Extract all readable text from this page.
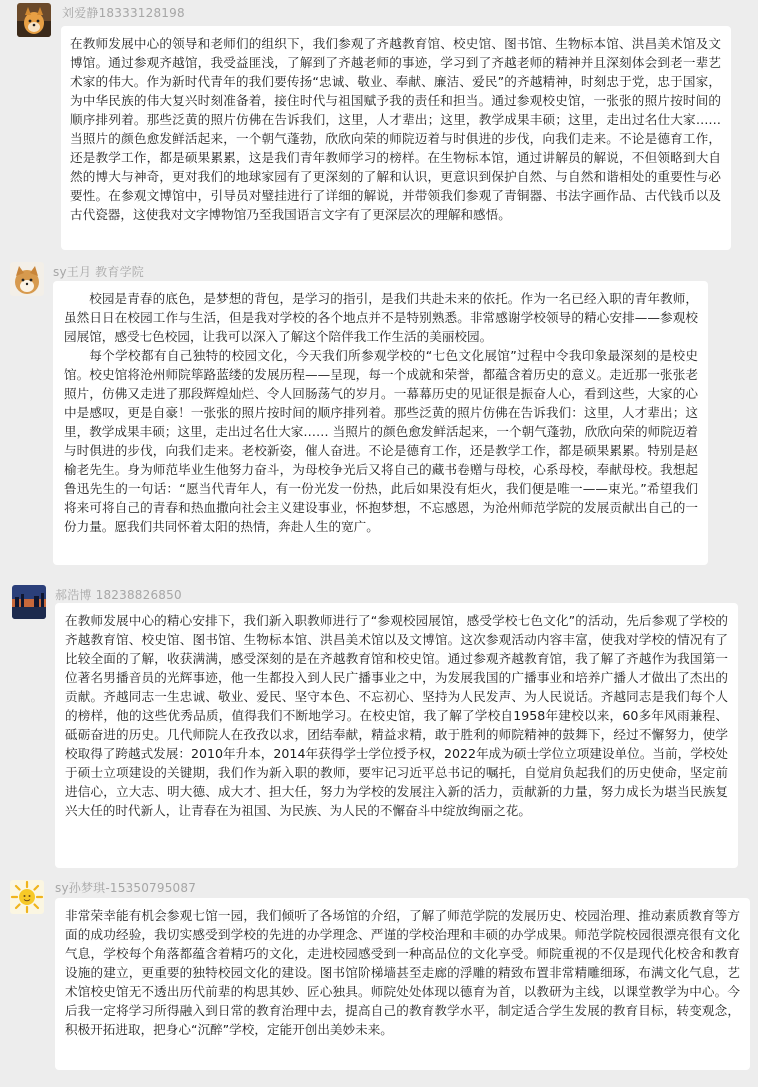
刘爱静18333128198

在教师发展中心的领导和老师们的组织下，我们参观了齐越教育馆、校史馆、图书馆、生物标本馆、洪昌美术馆及文博馆。通过参观齐越馆，我受益匪浅，了解到了齐越老师的事迹，学习到了齐越老师的精神并且深刻体会到老一辈艺术家的伟大。作为新时代青年的我们要传扬“忠诚、敬业、奉献、廉洁、爱民”的齐越精神，时刻忠于党，忠于国家，为中华民族的伟大复兴时刻准备着，接住时代与祖国赋予我的责任和担当。通过参观校史馆，一张张的照片按时间的顺序排列着。那些泛黄的照片仿佛在告诉我们，这里，人才辈出；这里，教学成果丰硕；这里，走出过名仕大家…… 当照片的颜色愈发鲜活起来，一个朝气蓬勃，欣欣向荣的师院迈着与时俱进的步伐，向我们走来。不论是德育工作，还是教学工作，都是硕果累累，这是我们青年教师学习的榜样。在生物标本馆，通过讲解员的解说，不但领略到大自然的博大与神奇，更对我们的地球家园有了更深刻的了解和认识，更意识到保护自然、与自然和谐相处的重要性与必要性。在参观文博馆中，引导员对璧挂进行了详细的解说，并带领我们参观了青铜器、书法字画作品、古代钱币以及古代瓷器，这使我对文字博物馆乃至我国语言文字有了更深层次的理解和感悟。

sy王月 教育学院

校园是青春的底色，是梦想的背包，是学习的指引，是我们共赴未来的依托。作为一名已经入职的青年教师，虽然日日在校园工作与生活，但是我对学校的各个地点并不是特别熟悉。非常感谢学校领导的精心安排——参观校园展馆，感受七色校园，让我可以深入了解这个陪伴我工作生活的美丽校园。

每个学校都有自己独特的校园文化，今天我们所参观学校的“七色文化展馆”过程中令我印象最深刻的是校史馆。校史馆将沧州师院筚路蓝缕的发展历程——呈现，每一个成就和荣誉，都蕴含着历史的意义。走近那一张张老照片，仿佛又走进了那段辉煌灿烂、令人回肠荡气的岁月。一幕幕历史的见证很是振奋人心，看到这些，大家的心中是感叹，更是自豪！一张张的照片按时间的顺序排列着。那些泛黄的照片仿佛在告诉我们：这里，人才辈出；这里，教学成果丰硕；这里，走出过名仕大家…… 当照片的颜色愈发鲜活起来，一个朝气蓬勃，欣欣向荣的师院迈着与时俱进的步伐，向我们走来。老校新姿，催人奋进。不论是德育工作，还是教学工作，都是硕果累累。特别是赵榆老先生。身为师范毕业生他努力奋斗，为母校争光后又将自己的藏书卷赠与母校，心系母校，奉献母校。我想起鲁迅先生的一句话：“愿当代青年人，有一份光发一份热，此后如果没有炬火，我们便是唯一——束光。”希望我们将来可将自己的青春和热血撒向社会主义建设事业，怀抱梦想，不忘感恩，为沧州师范学院的发展贡献出自己的一份力量。愿我们共同怀着太阳的热情，奔赴人生的宽广。

郝浩博 18238826850

在教师发展中心的精心安排下，我们新入职教师进行了“参观校园展馆，感受学校七色文化”的活动，先后参观了学校的齐越教育馆、校史馆、图书馆、生物标本馆、洪昌美术馆以及文博馆。这次参观活动内容丰富，使我对学校的情况有了比较全面的了解，收获满满，感受深刻的是在齐越教育馆和校史馆。通过参观齐越教育馆，我了解了齐越作为我国第一位著名男播音员的光辉事迹，他一生都投入到人民广播事业之中，为发展我国的广播事业和培养广播人才做出了杰出的贡献。齐越同志一生忠诚、敬业、爱民、坚守本色、不忘初心、坚持为人民发声、为人民说话。齐越同志是我们每个人的榜样，他的这些优秀品质，值得我们不断地学习。在校史馆，我了解了学校自1958年建校以来，60多年风雨兼程、砥砺奋进的历史。几代师院人在孜孜以求，团结奉献，精益求精，敢于胜利的师院精神的鼓舞下，经过不懈努力，使学校取得了跨越式发展：2010年升本，2014年获得学士学位授予权，2022年成为硕士学位立项建设单位。当前，学校处于硕士立项建设的关键期，我们作为新入职的教师，要牢记习近平总书记的嘱托，自觉肩负起我们的历史使命，坚定前进信心，立大志、明大德、成大才、担大任，努力为学校的发展注入新的活力，贡献新的力量，努力成长为堪当民族复兴大任的时代新人，让青春在为祖国、为民族、为人民的不懈奋斗中绽放绚丽之花。

sy孙梦琪-15350795087

非常荣幸能有机会参观七馆一园，我们倾听了各场馆的介绍，了解了师范学院的发展历史、校园治理、推动素质教育等方面的成功经验，我切实感受到学校的先进的办学理念、严谨的学校治理和丰硕的办学成果。师范学院校园很漂亮很有文化气息，学校每个角落都蕴含着精巧的文化，走进校园感受到一种高品位的文化享受。师院重视的不仅是现代化校舍和教育设施的建立，更重要的独特校园文化的建设。图书馆阶梯墙甚至走廊的浮雕的精致布置非常精雕细琢，布满文化气息，艺术馆校史馆无不透出历代前辈的构思其妙、匠心独具。师院处处体现以德育为首，以教研为主线，以课堂教学为中心。今后我一定将学习所得融入到日常的教育治理中去，提高自己的教育教学水平，制定适合学生发展的教育目标，转变观念，积极开拓进取，把身心“沉醉”学校，定能开创出美妙未来。
